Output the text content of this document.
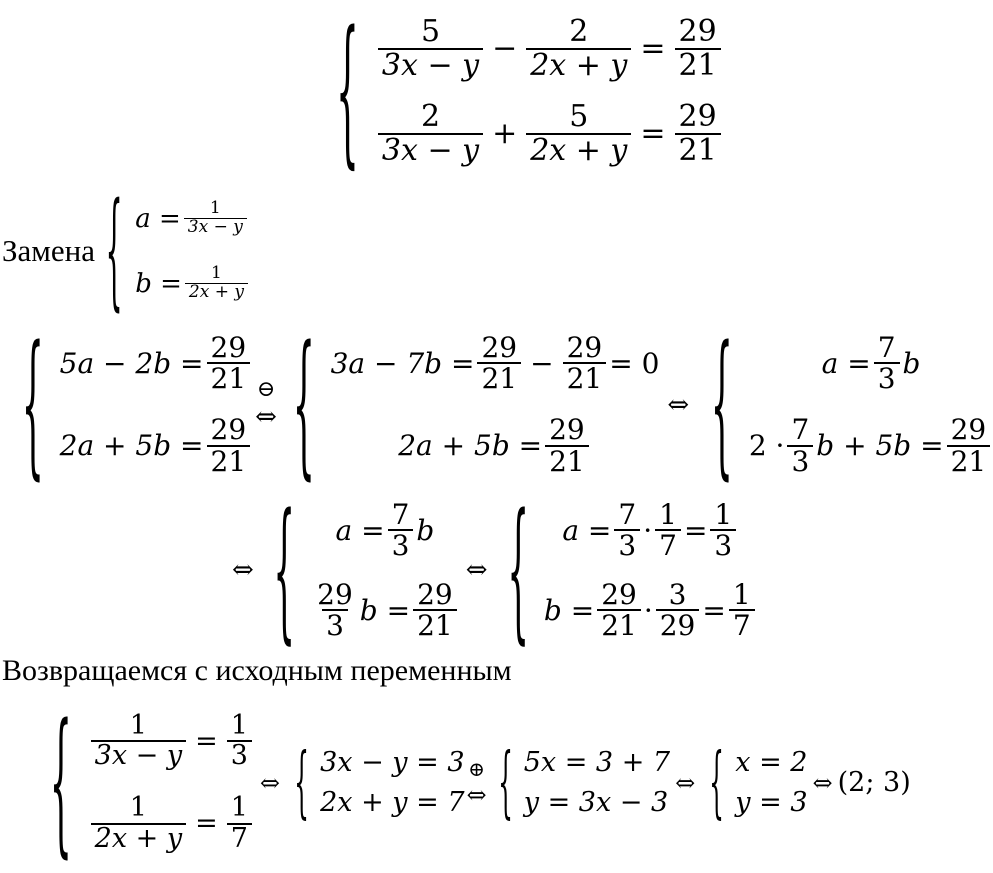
{ $\frac{5}{3x - y} - \frac{2}{2x + y} = \frac{29}{21}$
$\frac{2}{3x - y} + \frac{5}{2x + y} = \frac{29}{21}$
Замена { $a = \frac{1}{3x - y}$
$b = \frac{1}{2x + y}$
{ $5a - 2b = \frac{29}{21}$
$2a + 5b = \frac{29}{21}$
⊖
⇔ { $3a - 7b = \frac{29}{21} - \frac{29}{21} = 0$
$2a + 5b = \frac{29}{21}$
⇔ {	$a = \frac{7}{3}$ b
$2 \cdot \frac{7}{3}$ $b + 5b = \frac{29}{21}$
⇔ { $a = \frac{7}{3}$ b
$\frac{29}{3}$ $b = \frac{29}{21}$
⇔ { $a = \frac{7}{3} \cdot \frac{1}{7} = \frac{1}{3}$
$b = \frac{29}{21} \cdot \frac{3}{29} = \frac{1}{7}$
Возвращаемся с исходным переменным
{ $\frac{1}{3x - y} = \frac{1}{3}$
$\frac{1}{2x + y} = \frac{1}{7}$
⇔ { 3x − y = 3
2x + y = 7
⊕
⇔ { 5x = 3 + 7
y = 3x − 3
⇔ { x = 2
y = 3
⇔ (2; 3)
